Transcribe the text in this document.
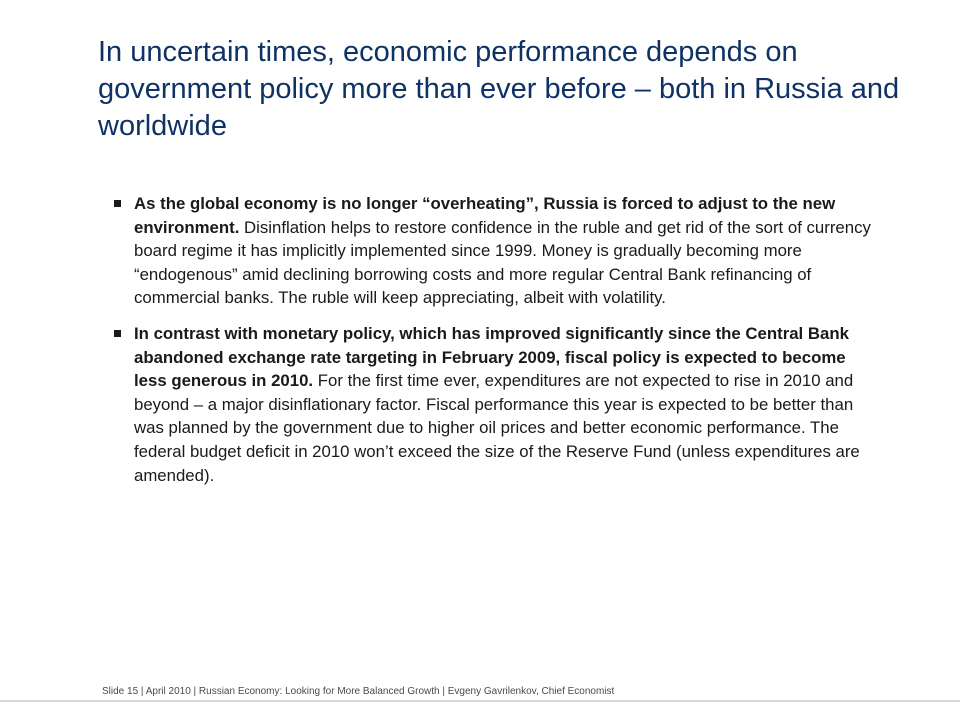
In uncertain times, economic performance depends on government policy more than ever before – both in Russia and worldwide
As the global economy is no longer “overheating”, Russia is forced to adjust to the new environment. Disinflation helps to restore confidence in the ruble and get rid of the sort of currency board regime it has implicitly implemented since 1999. Money is gradually becoming more “endogenous” amid declining borrowing costs and more regular Central Bank refinancing of commercial banks. The ruble will keep appreciating, albeit with volatility.
In contrast with monetary policy, which has improved significantly since the Central Bank abandoned exchange rate targeting in February 2009, fiscal policy is expected to become less generous in 2010. For the first time ever, expenditures are not expected to rise in 2010 and beyond – a major disinflationary factor. Fiscal performance this year is expected to be better than was planned by the government due to higher oil prices and better economic performance. The federal budget deficit in 2010 won’t exceed the size of the Reserve Fund (unless expenditures are amended).
Slide 15 | April 2010 | Russian Economy: Looking for More Balanced Growth | Evgeny Gavrilenkov, Chief Economist
